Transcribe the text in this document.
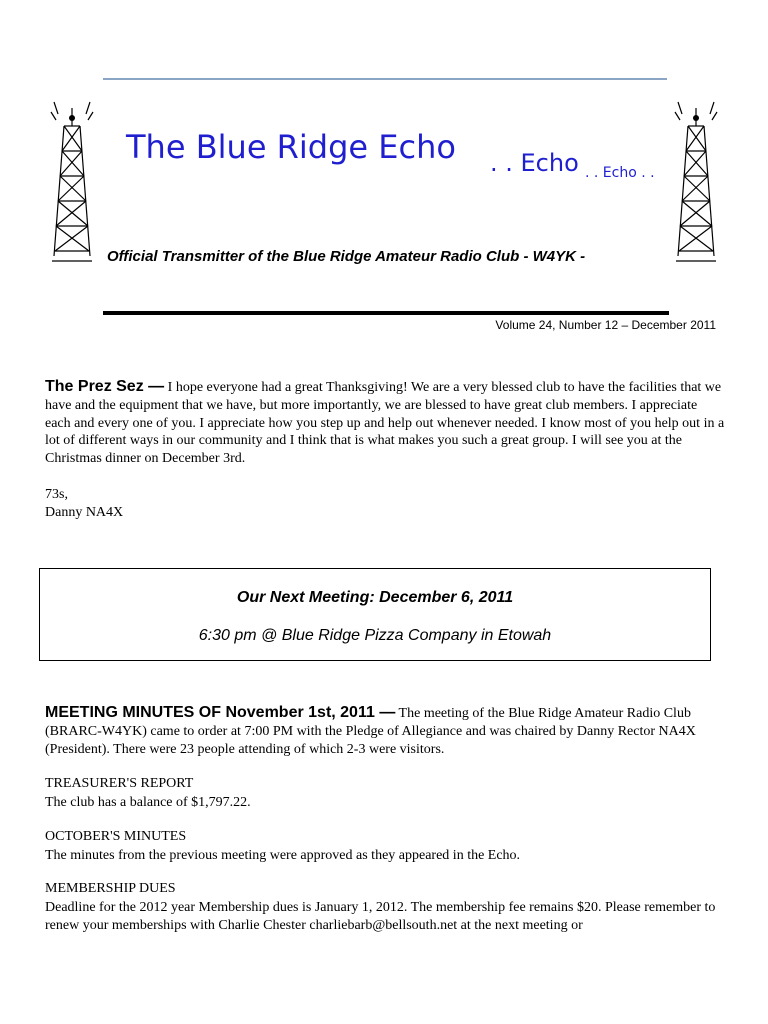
The Blue Ridge Echo . . Echo . . Echo . .
Official Transmitter of the Blue Ridge Amateur Radio Club - W4YK -
Volume 24, Number 12 – December 2011
The Prez Sez — I hope everyone had a great Thanksgiving! We are a very blessed club to have the facilities that we have and the equipment that we have, but more importantly, we are blessed to have great club members. I appreciate each and every one of you. I appreciate how you step up and help out whenever needed. I know most of you help out in a lot of different ways in our community and I think that is what makes you such a great group. I will see you at the Christmas dinner on December 3rd.
73s,
Danny NA4X
Our Next Meeting: December 6, 2011
6:30 pm @ Blue Ridge Pizza Company in Etowah
MEETING MINUTES OF November 1st, 2011 — The meeting of the Blue Ridge Amateur Radio Club (BRARC-W4YK) came to order at 7:00 PM with the Pledge of Allegiance and was chaired by Danny Rector NA4X (President). There were 23 people attending of which 2-3 were visitors.
TREASURER'S REPORT
The club has a balance of $1,797.22.
OCTOBER'S MINUTES
The minutes from the previous meeting were approved as they appeared in the Echo.
MEMBERSHIP DUES
Deadline for the 2012 year Membership dues is January 1, 2012. The membership fee remains $20. Please remember to renew your memberships with Charlie Chester charliebarb@bellsouth.net at the next meeting or
